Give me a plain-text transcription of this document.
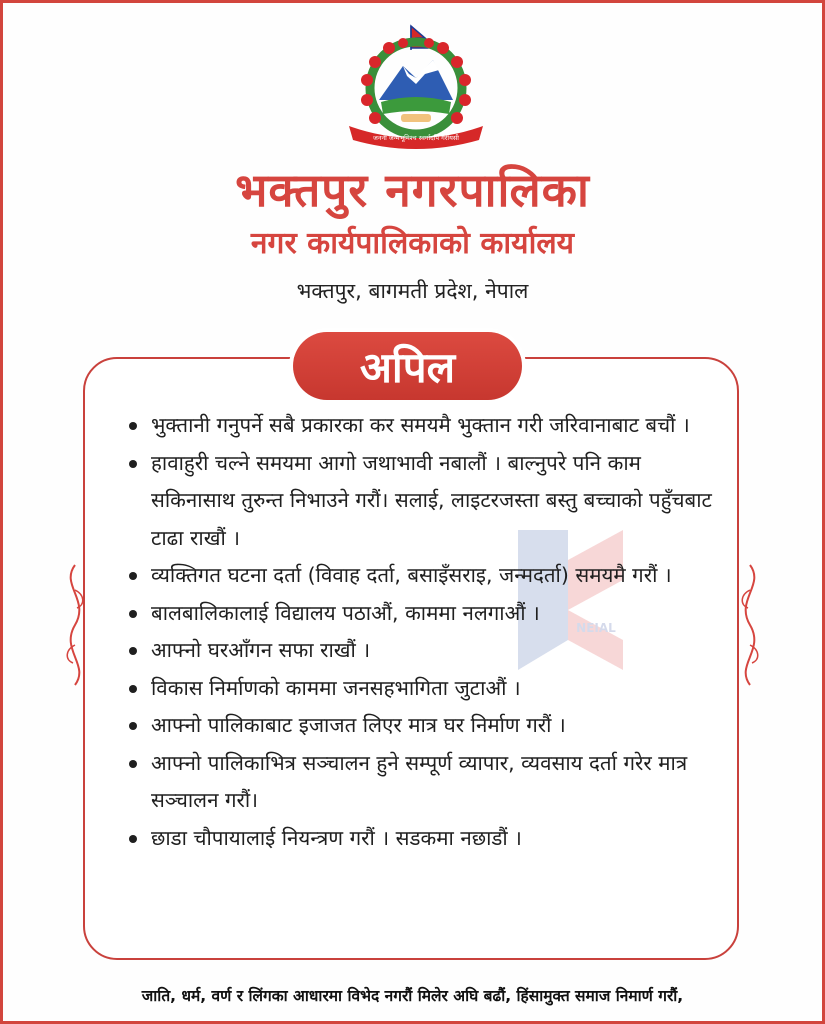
जननी जन्मभूमिश्च स्वर्गादपि गरीयसी
भक्तपुर नगरपालिका
नगर कार्यपालिकाको कार्यालय
भक्तपुर, बागमती प्रदेश, नेपाल
NEIAL
अपिल
भुक्तानी गनुपर्ने सबै प्रकारका कर समयमै भुक्तान गरी जरिवानाबाट बचौं ।
हावाहुरी चल्ने समयमा आगो जथाभावी नबालौं । बाल्नुपरे पनि काम सकिनासाथ तुरुन्त निभाउने गरौं। सलाई, लाइटरजस्ता बस्तु बच्चाको पहुँचबाट टाढा राखौं ।
व्यक्तिगत घटना दर्ता (विवाह दर्ता, बसाइँसराइ, जन्मदर्ता) समयमै गरौं ।
बालबालिकालाई विद्यालय पठाऔं, काममा नलगाऔं ।
आफ्नो घरआँगन सफा राखौं ।
विकास निर्माणको काममा जनसहभागिता जुटाऔं ।
आफ्नो पालिकाबाट इजाजत लिएर मात्र घर निर्माण गरौं ।
आफ्नो पालिकाभित्र सञ्चालन हुने सम्पूर्ण व्यापार, व्यवसाय दर्ता गरेर मात्र सञ्चालन गरौं।
छाडा चौपायालाई नियन्त्रण गरौं । सडकमा नछाडौं ।
जाति, धर्म, वर्ण र लिंगका आधारमा विभेद नगरौं मिलेर अघि बढौं, हिंसामुक्त समाज निमार्ण गरौं,
